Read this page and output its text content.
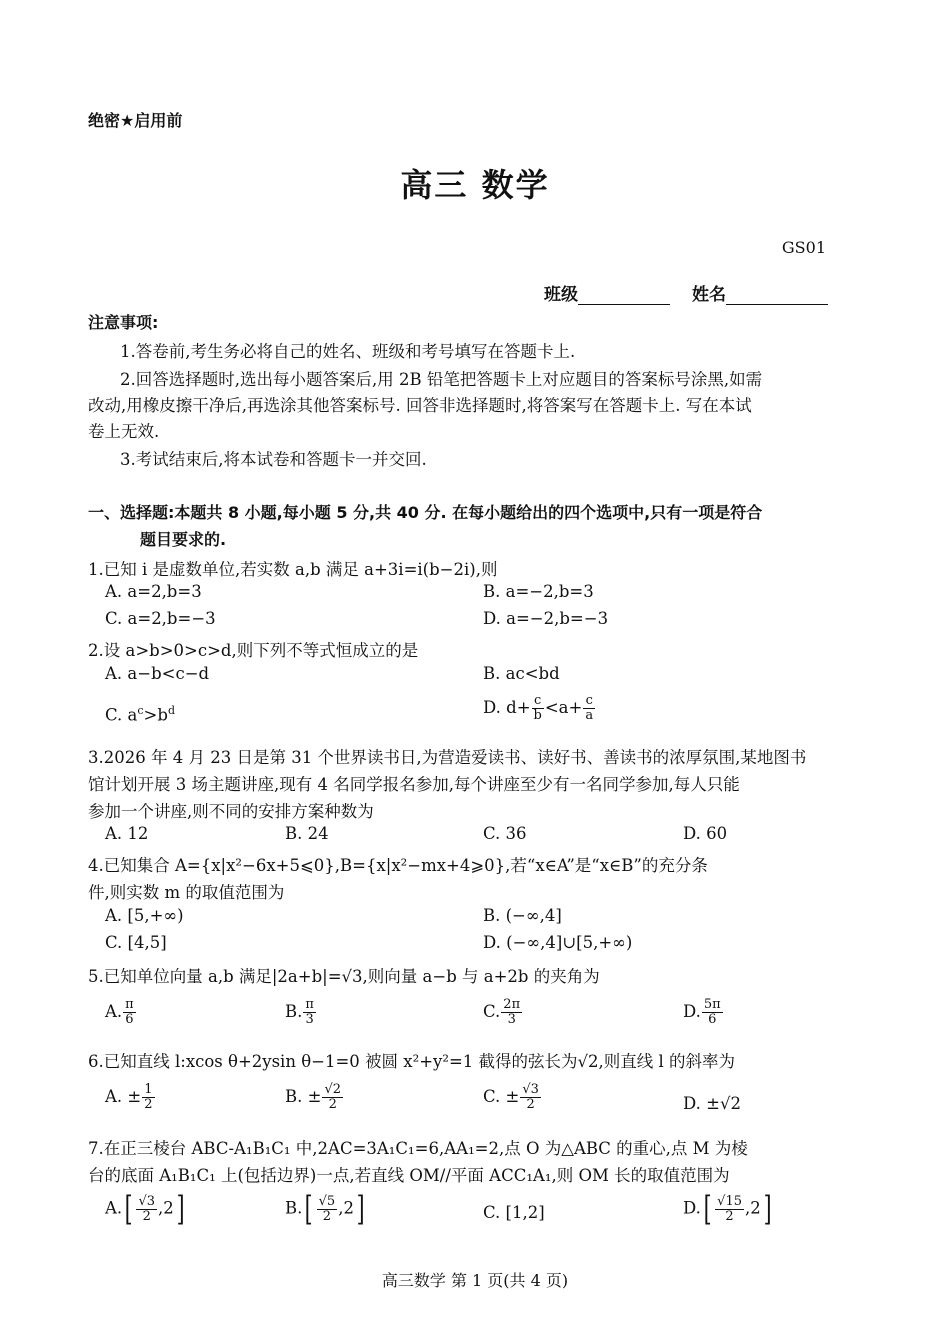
绝密★启用前
高三 数学
GS01
班级	姓名
注意事项:
1.答卷前,考生务必将自己的姓名、班级和考号填写在答题卡上.
2.回答选择题时,选出每小题答案后,用 2B 铅笔把答题卡上对应题目的答案标号涂黑,如需
改动,用橡皮擦干净后,再选涂其他答案标号. 回答非选择题时,将答案写在答题卡上. 写在本试
卷上无效.
3.考试结束后,将本试卷和答题卡一并交回.
一、选择题:本题共 8 小题,每小题 5 分,共 40 分. 在每小题给出的四个选项中,只有一项是符合
题目要求的.
1.已知 i 是虚数单位,若实数 a,b 满足 a+3i=i(b−2i),则
A. a=2,b=3	B. a=−2,b=3
C. a=2,b=−3	D. a=−2,b=−3
2.设 a>b>0>c>d,则下列不等式恒成立的是
A. a−b<c−d	B. ac<bd
C. $a^c>b^d$	D. $d+ \frac{c}{b} <a+ \frac{c}{a}$
3.2026 年 4 月 23 日是第 31 个世界读书日,为营造爱读书、读好书、善读书的浓厚氛围,某地图书
馆计划开展 3 场主题讲座,现有 4 名同学报名参加,每个讲座至少有一名同学参加,每人只能
参加一个讲座,则不同的安排方案种数为
A. 12	B. 24	C. 36	D. 60
4.已知集合 A={x|x²−6x+5⩽0},B={x|x²−mx+4⩾0},若“x∈A”是“x∈B”的充分条
件,则实数 m 的取值范围为
A. [5,+∞)	B. (−∞,4]
C. [4,5]	D. (−∞,4]∪[5,+∞)
5.已知单位向量 a,b 满足|2a+b|=√3,则向量 a−b 与 a+2b 的夹角为
A. $\frac{\pi}{6}$	B. $\frac{\pi}{3}$	C. $\frac{2\pi}{3}$	D. $\frac{5\pi}{6}$
6.已知直线 l:xcos θ+2ysin θ−1=0 被圆 x²+y²=1 截得的弦长为√2,则直线 l 的斜率为
A. ± $\frac{1}{2}$	B. ± $\frac{√2}{2}$	C. ± $\frac{√3}{2}$	D. ±√2
7.在正三棱台 ABC-A₁B₁C₁ 中,2AC=3A₁C₁=6,AA₁=2,点 O 为△ABC 的重心,点 M 为棱
台的底面 A₁B₁C₁ 上(包括边界)一点,若直线 OM//平面 ACC₁A₁,则 OM 长的取值范围为
$A.[ \frac{√3}{2} ,2]$	$B.[ \frac{√5}{2} ,2]$	C. [1,2]	$D.[ \frac{√15}{2} ,2]$
高三数学 第 1 页(共 4 页)
